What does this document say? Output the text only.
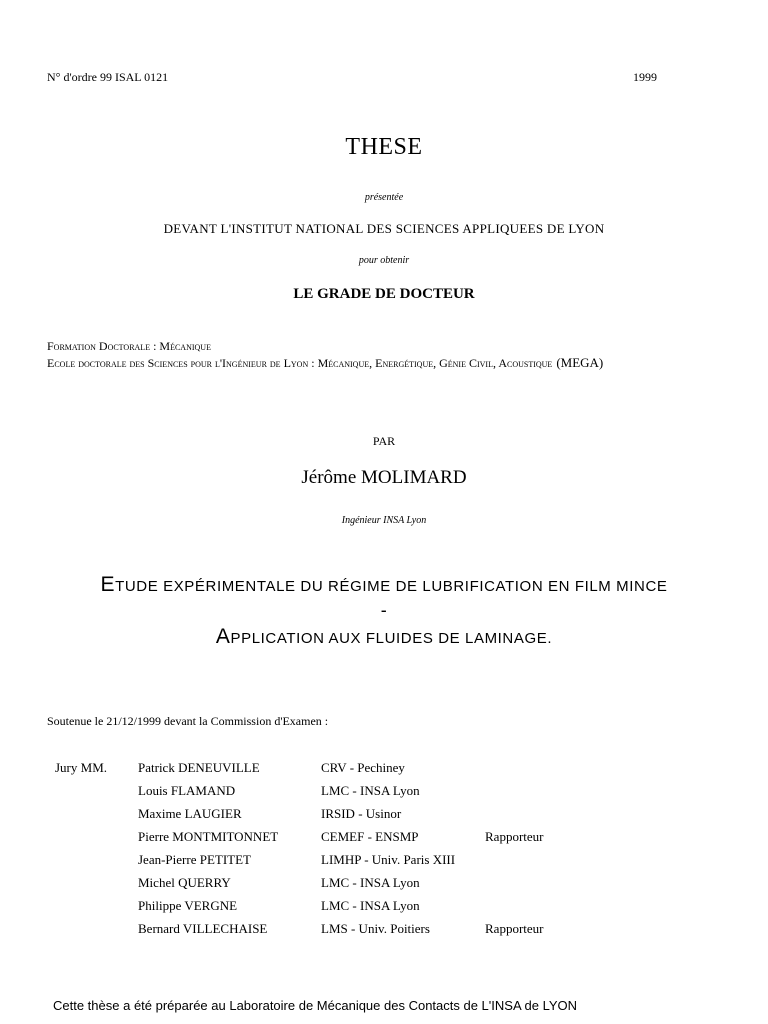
N° d'ordre 99 ISAL 0121	1999
THESE
présentée
DEVANT L'INSTITUT NATIONAL DES SCIENCES APPLIQUEES DE LYON
pour obtenir
LE GRADE DE DOCTEUR
Formation Doctorale : Mécanique
Ecole doctorale des Sciences pour l'Ingénieur de Lyon : Mécanique, Energétique, Génie Civil, Acoustique (MEGA)
PAR
Jérôme MOLIMARD
Ingénieur INSA Lyon
ETUDE EXPÉRIMENTALE DU RÉGIME DE LUBRIFICATION EN FILM MINCE
-
APPLICATION AUX FLUIDES DE LAMINAGE.
Soutenue le 21/12/1999 devant la Commission d'Examen :
Jury MM. Patrick DENEUVILLE	CRV - Pechiney
Louis FLAMAND	LMC - INSA Lyon
Maxime LAUGIER	IRSID - Usinor
Pierre MONTMITONNET	CEMEF - ENSMP	Rapporteur
Jean-Pierre PETITET	LIMHP - Univ. Paris XIII
Michel QUERRY	LMC - INSA Lyon
Philippe VERGNE	LMC - INSA Lyon
Bernard VILLECHAISE	LMS - Univ. Poitiers	Rapporteur
Cette thèse a été préparée au Laboratoire de Mécanique des Contacts de L'INSA de LYON
